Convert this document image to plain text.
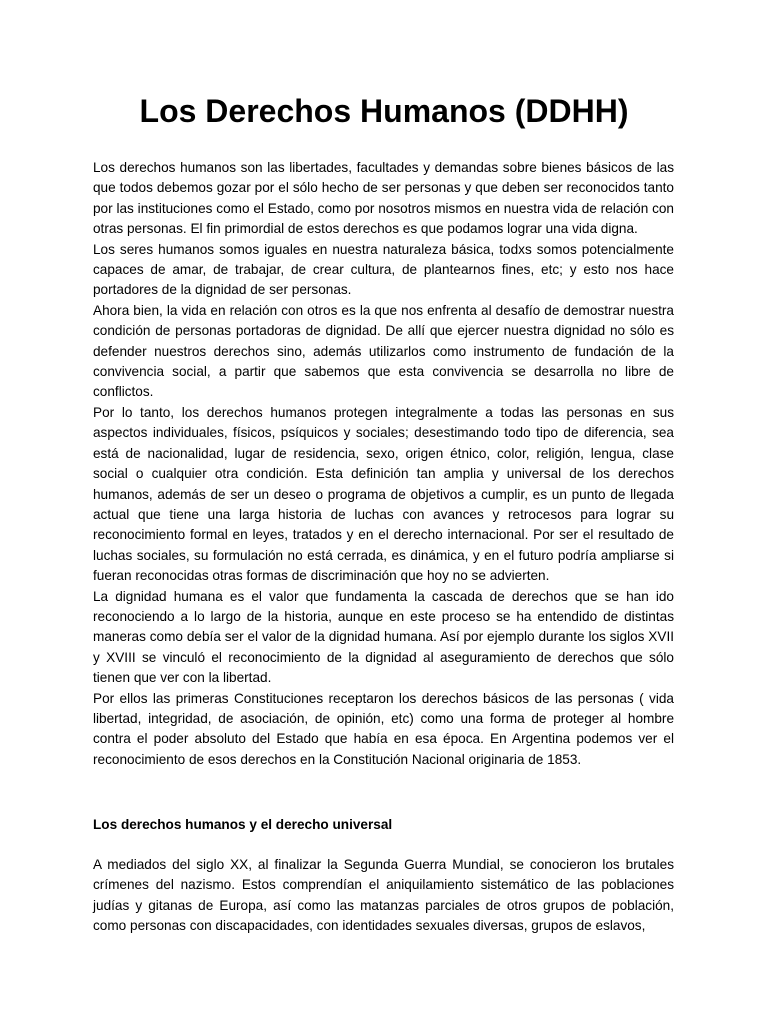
Los Derechos Humanos (DDHH)

Los derechos humanos son las libertades, facultades y demandas sobre bienes básicos de las que todos debemos gozar por el sólo hecho de ser personas y que deben ser reconocidos tanto por las instituciones como el Estado, como por nosotros mismos en nuestra vida de relación con otras personas. El fin primordial de estos derechos es que podamos lograr una vida digna.

Los seres humanos somos iguales en nuestra naturaleza básica, todxs somos potencialmente capaces de amar, de trabajar, de crear cultura, de plantearnos fines, etc; y esto nos hace portadores de la dignidad de ser personas.

Ahora bien, la vida en relación con otros es la que nos enfrenta al desafío de demostrar nuestra condición de personas portadoras de dignidad. De allí que ejercer nuestra dignidad no sólo es defender nuestros derechos sino, además utilizarlos como instrumento de fundación de la convivencia social, a partir que sabemos que esta convivencia se desarrolla no libre de conflictos.

Por lo tanto, los derechos humanos protegen integralmente a todas las personas en sus aspectos individuales, físicos, psíquicos y sociales; desestimando todo tipo de diferencia, sea está de nacionalidad, lugar de residencia, sexo, origen étnico, color, religión, lengua, clase social o cualquier otra condición. Esta definición tan amplia y universal de los derechos humanos, además de ser un deseo o programa de objetivos a cumplir, es un punto de llegada actual que tiene una larga historia de luchas con avances y retrocesos para lograr su reconocimiento formal en leyes, tratados y en el derecho internacional. Por ser el resultado de luchas sociales, su formulación no está cerrada, es dinámica, y en el futuro podría ampliarse si fueran reconocidas otras formas de discriminación que hoy no se advierten.

La dignidad humana es el valor que fundamenta la cascada de derechos que se han ido reconociendo a lo largo de la historia, aunque en este proceso se ha entendido de distintas maneras como debía ser el valor de la dignidad humana. Así por ejemplo durante los siglos XVII y XVIII se vinculó el reconocimiento de la dignidad al aseguramiento de derechos que sólo tienen que ver con la libertad.

Por ellos las primeras Constituciones receptaron los derechos básicos de las personas ( vida libertad, integridad, de asociación, de opinión, etc) como una forma de proteger al hombre contra el poder absoluto del Estado que había en esa época. En Argentina podemos ver el reconocimiento de esos derechos en la Constitución Nacional originaria de 1853.

Los derechos humanos y el derecho universal

A mediados del siglo XX, al finalizar la Segunda Guerra Mundial, se conocieron los brutales crímenes del nazismo. Estos comprendían el aniquilamiento sistemático de las poblaciones judías y gitanas de Europa, así como las matanzas parciales de otros grupos de población, como personas con discapacidades, con identidades sexuales diversas, grupos de eslavos,
